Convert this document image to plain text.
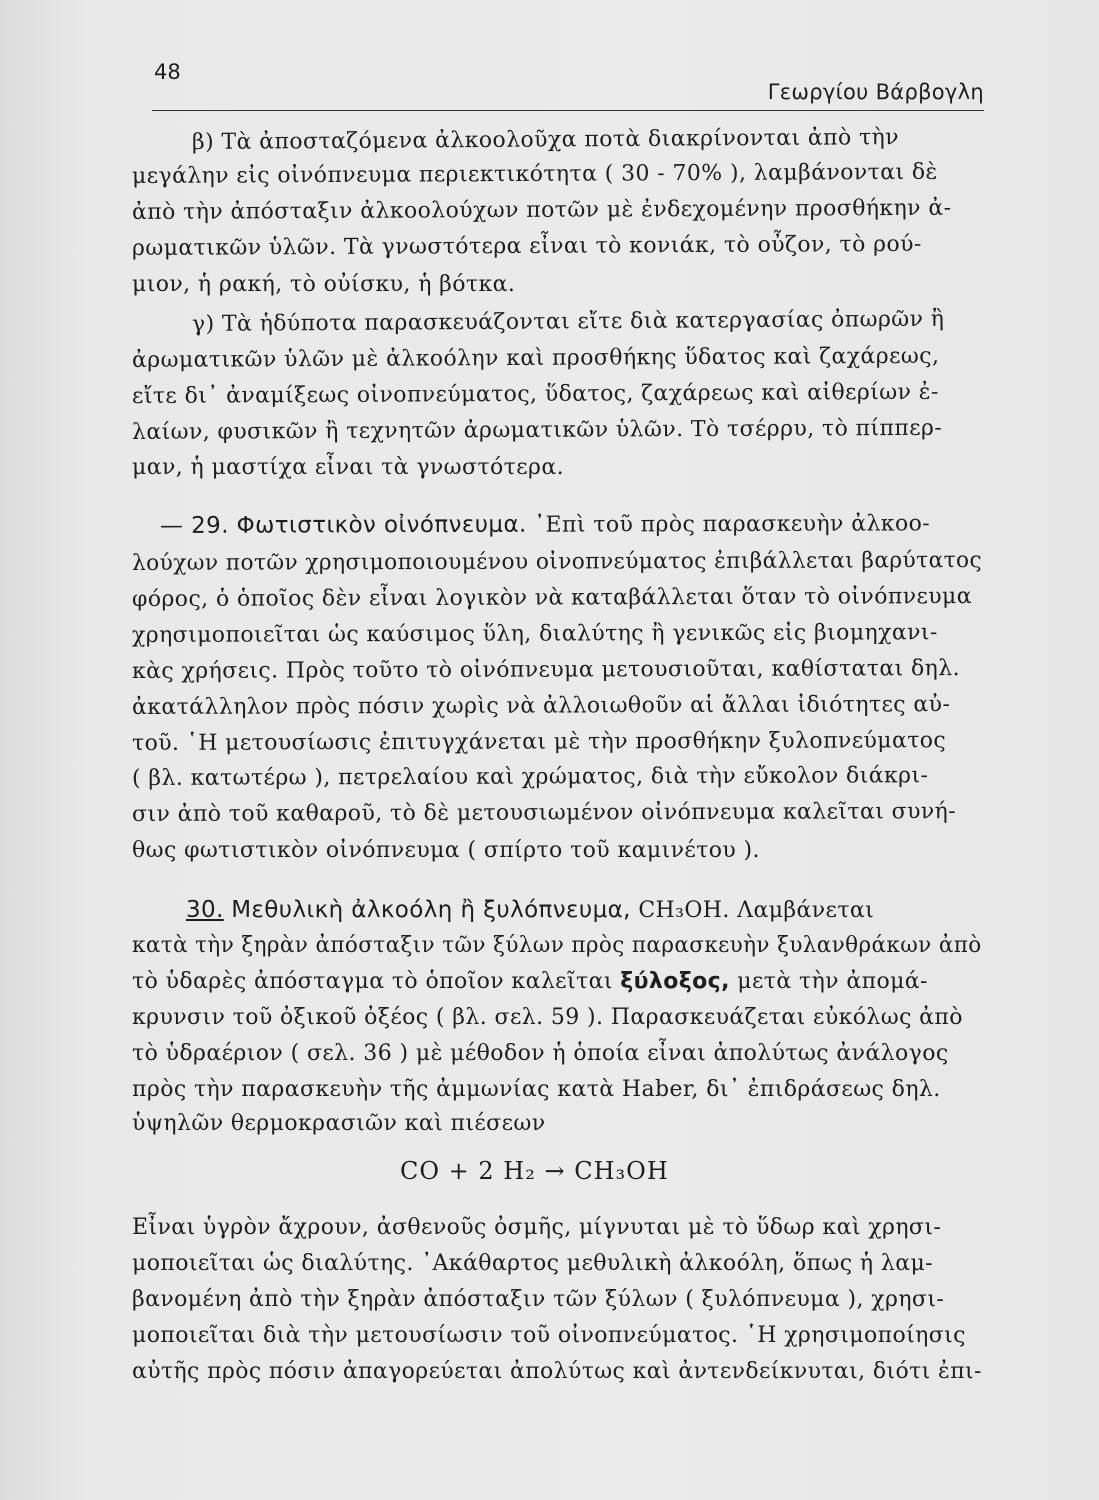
48
Γεωργίου Βάρβογλη
β) Τὰ ἀποσταζόμενα ἀλκοολοῦχα ποτὰ διακρίνονται ἀπὸ τὴν
μεγάλην εἰς οἰνόπνευμα περιεκτικότητα ( 30 - 70% ), λαμβάνονται δὲ
ἀπὸ τὴν ἀπόσταξιν ἀλκοολούχων ποτῶν μὲ ἐνδεχομένην προσθήκην ἀ-
ρωματικῶν ὑλῶν. Τὰ γνωστότερα εἶναι τὸ κονιάκ, τὸ οὖζον, τὸ ρού-
μιον, ἡ ρακή, τὸ οὐίσκυ, ἡ βότκα.
γ) Τὰ ἡδύποτα παρασκευάζονται εἴτε διὰ κατεργασίας ὀπωρῶν ἢ
ἀρωματικῶν ὑλῶν μὲ ἀλκοόλην καὶ προσθήκης ὕδατος καὶ ζαχάρεως,
εἴτε δι᾿ ἀναμίξεως οἰνοπνεύματος, ὕδατος, ζαχάρεως καὶ αἰθερίων ἐ-
λαίων, φυσικῶν ἢ τεχνητῶν ἀρωματικῶν ὑλῶν. Τὸ τσέρρυ, τὸ πίππερ-
μαν, ἡ μαστίχα εἶναι τὰ γνωστότερα.
— 29. Φωτιστικὸν οἰνόπνευμα. ᾿Επὶ τοῦ πρὸς παρασκευὴν ἀλκοο-
λούχων ποτῶν χρησιμοποιουμένου οἰνοπνεύματος ἐπιβάλλεται βαρύτατος
φόρος, ὁ ὁποῖος δὲν εἶναι λογικὸν νὰ καταβάλλεται ὅταν τὸ οἰνόπνευμα
χρησιμοποιεῖται ὡς καύσιμος ὕλη, διαλύτης ἢ γενικῶς εἰς βιομηχανι-
κὰς χρήσεις. Πρὸς τοῦτο τὸ οἰνόπνευμα μετουσιοῦται, καθίσταται δηλ.
ἀκατάλληλον πρὸς πόσιν χωρὶς νὰ ἀλλοιωθοῦν αἱ ἄλλαι ἰδιότητες αὐ-
τοῦ. ῾Η μετουσίωσις ἐπιτυγχάνεται μὲ τὴν προσθήκην ξυλοπνεύματος
( βλ. κατωτέρω ), πετρελαίου καὶ χρώματος, διὰ τὴν εὔκολον διάκρι-
σιν ἀπὸ τοῦ καθαροῦ, τὸ δὲ μετουσιωμένον οἰνόπνευμα καλεῖται συνή-
θως φωτιστικὸν οἰνόπνευμα ( σπίρτο τοῦ καμινέτου ).
30. Μεθυλικὴ ἀλκοόλη ἢ ξυλόπνευμα, CH₃OH. Λαμβάνεται
κατὰ τὴν ξηρὰν ἀπόσταξιν τῶν ξύλων πρὸς παρασκευὴν ξυλανθράκων ἀπὸ
τὸ ὑδαρὲς ἀπόσταγμα τὸ ὁποῖον καλεῖται ξύλοξος, μετὰ τὴν ἀπομά-
κρυνσιν τοῦ ὀξικοῦ ὀξέος ( βλ. σελ. 59 ). Παρασκευάζεται εὐκόλως ἀπὸ
τὸ ὑδραέριον ( σελ. 36 ) μὲ μέθοδον ἡ ὁποία εἶναι ἀπολύτως ἀνάλογος
πρὸς τὴν παρασκευὴν τῆς ἀμμωνίας κατὰ Haber, δι᾿ ἐπιδράσεως δηλ.
ὑψηλῶν θερμοκρασιῶν καὶ πιέσεων
CO + 2 H₂ → CH₃OH
Εἶναι ὑγρὸν ἄχρουν, ἀσθενοῦς ὀσμῆς, μίγνυται μὲ τὸ ὕδωρ καὶ χρησι-
μοποιεῖται ὡς διαλύτης. ᾿Ακάθαρτος μεθυλικὴ ἀλκοόλη, ὅπως ἡ λαμ-
βανομένη ἀπὸ τὴν ξηρὰν ἀπόσταξιν τῶν ξύλων ( ξυλόπνευμα ), χρησι-
μοποιεῖται διὰ τὴν μετουσίωσιν τοῦ οἰνοπνεύματος. ῾Η χρησιμοποίησις
αὐτῆς πρὸς πόσιν ἀπαγορεύεται ἀπολύτως καὶ ἀντενδείκνυται, διότι ἐπι-
